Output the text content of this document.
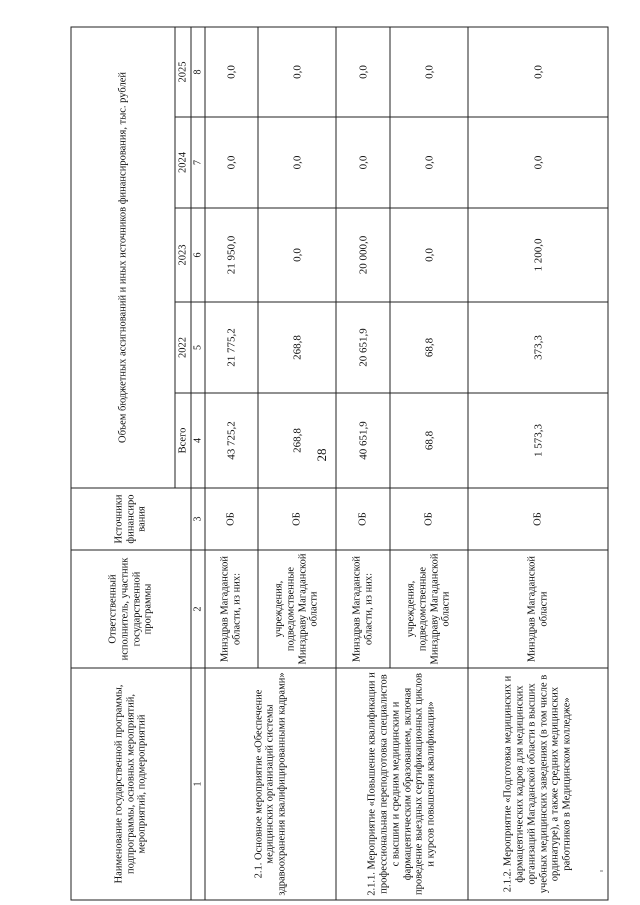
28
Наименование государственной программы, подпрограммы, основных мероприятий, мероприятий, подмероприятий	Ответственный исполнитель, участник государственной программы	Источники финансиро вания	Объем бюджетных ассигнований и иных источников финансирования, тыс. рублей				
			Всего	2022	2023	2024	2025
1	2	3	4	5	6	7	8
2.1. Основное мероприятие «Обеспечение медицинских организаций системы здравоохранения квалифицированными кадрами»	Минздрав Магаданской области, из них:	ОБ	43 725,2	21 775,2	21 950,0	0,0	0,0
	учреждения, подведомственные Минздраву Магаданской области	ОБ	268,8	268,8	0,0	0,0	0,0
2.1.1. Мероприятие «Повышение квалификации и профессиональная переподготовка специалистов с высшим и средним медицинским и фармацевтическим образованием, включая проведение выездных сертификационных циклов и курсов повышения квалификации»	Минздрав Магаданской области, из них:	ОБ	40 651,9	20 651,9	20 000,0	0,0	0,0
	учреждения, подведомственные Минздраву Магаданской области	ОБ	68,8	68,8	0,0	0,0	0,0
2.1.2. Мероприятие «Подготовка медицинских и фармацевтических кадров для медицинских организаций Магаданской области в высших учебных медицинских заведениях (в том числе в ординатуре), а также средних медицинских работников в Медицинском колледже»	Минздрав Магаданской области	ОБ	1 573,3	373,3	1 200,0	0,0	0,0
